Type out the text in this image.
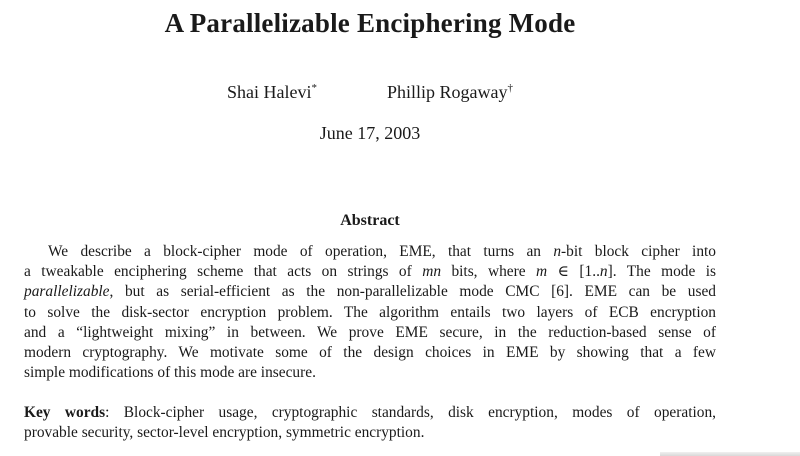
A Parallelizable Enciphering Mode
Shai Halevi*	Phillip Rogaway†
June 17, 2003
Abstract
We describe a block-cipher mode of operation, EME, that turns an n-bit block cipher into
a tweakable enciphering scheme that acts on strings of mn bits, where m ∈ [1..n]. The mode is
parallelizable, but as serial-efficient as the non-parallelizable mode CMC [6]. EME can be used
to solve the disk-sector encryption problem. The algorithm entails two layers of ECB encryption
and a “lightweight mixing” in between. We prove EME secure, in the reduction-based sense of
modern cryptography. We motivate some of the design choices in EME by showing that a few
simple modifications of this mode are insecure.
Key words: Block-cipher usage, cryptographic standards, disk encryption, modes of operation,
provable security, sector-level encryption, symmetric encryption.
